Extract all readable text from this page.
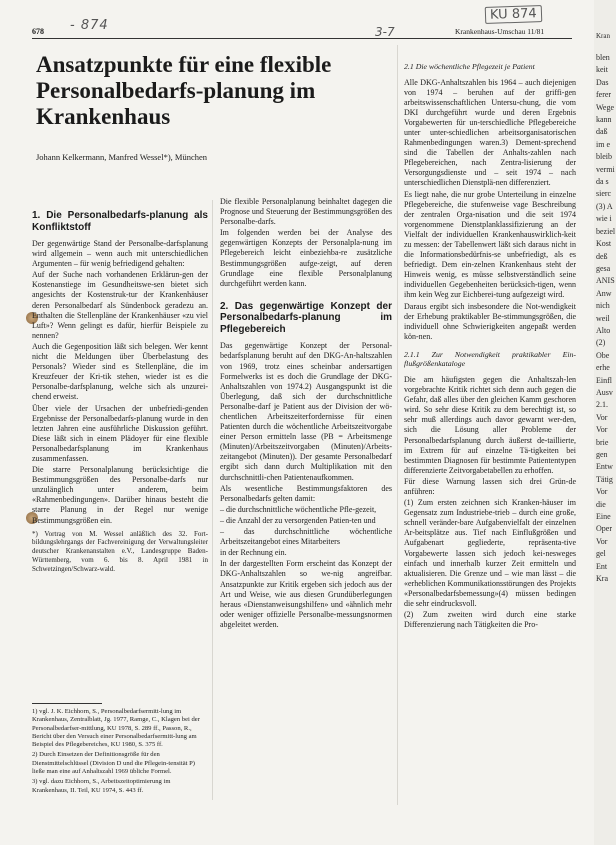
KU 874
- 874	3-7
678	Krankenhaus-Umschau 11/81
Ansatzpunkte für eine flexible Personalbedarfs-planung im Krankenhaus
Johann Kelkermann, Manfred Wessel*), München
1. Die Personalbedarfs-planung als Konfliktstoff

Der gegenwärtige Stand der Personalbe-darfsplanung wird allgemein – wenn auch mit unterschiedlichen Argumenten – für wenig befriedigend gehalten:

Auf der Suche nach vorhandenen Erklärun-gen der Kostenanstiege im Gesundheitswe-sen bietet sich angesichts der Kostenstruk-tur der Krankenhäuser deren Personalbedarf als Sündenbock geradezu an. Enthalten die Stellenpläne der Krankenhäuser «zu viel Luft»? Wenn gelingt es dafür, hierfür Beispiele zu nennen?

Auch die Gegenposition läßt sich belegen. Wer kennt nicht die Meldungen über Überbelastung des Personals? Wieder sind es Stellenpläne, die im Kreuzfeuer der Kri-tik stehen, wieder ist es die Personalbe-darfsplanung, welche sich als unzurei-chend erweist.

Über viele der Ursachen der unbefriedi-genden Ergebnisse der Personalbedarfs-planung wurde in den letzten Jahren eine ausführliche Diskussion geführt. Diese läßt sich in einem Plädoyer für eine flexible Personalbedarfsplanung im Krankenhaus zusammenfassen.

Die starre Personalplanung berücksichtige die Bestimmungsgrößen des Personalbe-darfs nur unzulänglich unter anderem, beim «Rahmenbedingungen». Darüber hinaus besteht die starre Planung in der Regel nur wenige Bestimmungsgrößen ein.

*) Vortrag von M. Wessel anläßlich des 32. Fort-bildungslehrgangs der Fachvereinigung der Verwaltungsleiter deutscher Krankenanstalten e.V., Landesgruppe Baden-Württemberg, vom 6. bis 8. April 1981 in Schwetzingen/Schwarz-wald.

1) vgl. J. K. Eichhorn, S., Personalbedarfsermitt-lung im Krankenhaus, Zentralblatt, Jg. 1977, Ramge, C., Klagen bei der Personalbedarfser-mittlung, KU 1978, S. 289 ff., Passon, R., Bericht über den Versuch einer Personalbedarfsermitt-lung am Beispiel des Pflegebereiches, KU 1980, S. 375 ff.

2) Durch Einsetzen der Definitionsgröße für den Dienstmittelschlüssel (Division D und die Pflegein-tensität P) ließe man eine auf Anhaltszahl 1969 übliche Formel.

3) vgl. dazu Eichhorn, S., Arbeitszeitoptimierung im Krankenhaus, II. Teil, KU 1974, S. 443 ff.

Die flexible Personalplanung beinhaltet dagegen die Prognose und Steuerung der Bestimmungsgrößen des Personalbe-darfs.

Im folgenden werden bei der Analyse des gegenwärtigen Konzepts der Personalpla-nung im Pflegebereich leicht einbeziehba-re zusätzliche Bestimmungsgrößen aufge-zeigt, auf deren Grundlage eine flexible Personalplanung durchgeführt werden kann.

2. Das gegenwärtige Konzept der Personalbedarfs-planung im Pflegebereich

Das gegenwärtige Konzept der Personal-bedarfsplanung beruht auf den DKG-An-haltszahlen von 1969, trotz eines scheinbar andersartigen Formelwerks ist es doch die Grundlage der DKG-Anhaltszahlen von 1974.2) Ausgangspunkt ist die Überlegung, daß sich der durchschnittliche Personalbe-darf je Patient aus der Division der wö-chentlichen Arbeitszeiterfordernisse für einen Patienten durch die wöchentliche Arbeitszeitvorgabe einer Person ermitteln lasse (PB = Arbeitsmenge (Minuten)/Arbeitszeitvorgaben (Minuten)/Arbeits-zeitangebot (Minuten)). Der gesamte Personalbedarf ergibt sich dann durch Multiplikation mit den durchschnittli-chen Patientenaufkommen.

Als wesentliche Bestimmungsfaktoren des Personalbedarfs gelten damit:

– die durchschnittliche wöchentliche Pfle-gezeit,

– die Anzahl der zu versorgenden Patien-ten und

– das durchschnittliche wöchentliche Arbeitszeitangebot eines Mitarbeiters

in der Rechnung ein.

In der dargestellten Form erscheint das Konzept der DKG-Anhaltszahlen so we-nig angreifbar. Ansatzpunkte zur Kritik ergeben sich jedoch aus der Art und Weise, wie aus diesen Grundüberlegungen heraus «Dienstanweisungshilfen» und «ähnlich mehr oder weniger offizielle Personalbe-messungsnormen abgeleitet werden.

2.1 Die wöchentliche Pflegezeit je Patient

Alle DKG-Anhaltszahlen bis 1964 – auch diejenigen von 1974 – beruhen auf der griffi-gen arbeitswissenschaftlichen Untersu-chung, die vom DKI durchgeführt wurde und deren Ergebnis Vorgabewerten für un-terschiedliche Pflegebereiche unter unter-schiedlichen arbeitsorganisatorischen Rahmenbedingungen waren.3) Dement-sprechend sind die Tabellen der Anhalts-zahlen nach Pflegebereichen, nach Zentra-lisierung der Versorgungsdienste und – seit 1974 – nach unterschiedlichen Dienstplä-nen differenziert.

Es liegt nahe, die nur grobe Unterteilung in einzelne Pflegebereiche, die stufenweise vage Beschreibung der zentralen Orga-nisation und die seit 1974 vorgenommene Dienstplanklassifizierung an der Vielfalt der individuellen Krankenhauswirklich-keit zu messen: der Tabellenwert läßt sich daraus nicht in die Informationsbedürfnis-se unbefriedigt, als es befriedigt. Dem ein-zelnen Krankenhaus steht der Hinweis wenig, es müsse selbstverständlich seine individuellen Gegebenheiten berücksich-tigen, wenn ihm kein Weg zur Eichberei-tung aufgezeigt wird.

Daraus ergibt sich insbesondere die Not-wendigkeit der Erhebung praktikabler Be-stimmungsgrößen, die individuell ohne Schwierigkeiten angepaßt werden kön-nen.

2.1.1 Zur Notwendigkeit praktikabler Ein-flußgrößenkataloge

Die am häufigsten gegen die Anhaltszah-len vorgebrachte Kritik richtet sich denn auch gegen die Gefahr, daß alles über den gleichen Kamm geschoren wird. So sehr diese Kritik zu dem berechtigt ist, so sehr muß allerdings auch davor gewarnt wer-den, sich die Lösung aller Probleme der Personalbedarfsplanung durch äußerst de-taillierte, im Extrem für auf einzelne Tä-tigkeiten bei bestimmten Diagnosen für bestimmte Patiententypen differenzierte Zeitvorgabetabellen zu erhoffen.

Für diese Warnung lassen sich drei Grün-de anführen:

(1) Zum ersten zeichnen sich Kranken-häuser im Gegensatz zum Industriebe-trieb – durch eine große, schnell veränder-bare Aufgabenvielfalt der einzelnen Ar-beitsplätze aus. Tief nach Einflußgrößen und Aufgabenart gegliederte, repräsenta-tive Vorgabewerte lassen sich jedoch kei-nesweges einfach und innerhalb kurzer Zeit ermitteln und aktualisieren. Die Grenze und – wie man lässt – die «erheblichen Kommunikationsstörungen des Projekts «Personalbedarfsbemessung»(4) müssen bedingen die sehr eindrucksvoll.

(2) Zum zweiten wird durch eine starke Differenzierung nach Tätigkeiten die Pro-

Kran
blen
keit
Das
ferer
Wege
kann
daß
im e
bleib
vermi
da s
sierc
(3) A
wie i
beziel
Kost
deß
gesa
ANIS
Anw
nich
weil
Alto
(2)
Obe
erhe
Einfl
Ausv
2.1.
Vor
Vor
brie
gen
Entw
Tätig
Vor
die
Eine
Oper
Vor
gel
Ent
Kra
